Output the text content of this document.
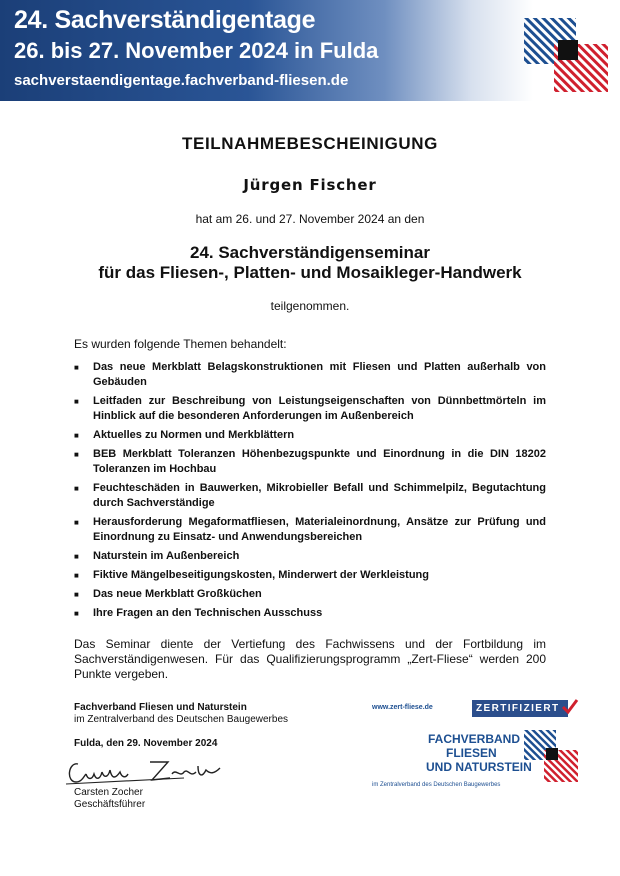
24. Sachverständigentage
26. bis 27. November 2024 in Fulda
sachverstaendigentage.fachverband-fliesen.de
TEILNAHMEBESCHEINIGUNG
Jürgen Fischer
hat am 26. und 27. November 2024 an den
24. Sachverständigenseminar
für das Fliesen-, Platten- und Mosaikleger-Handwerk
teilgenommen.
Es wurden folgende Themen behandelt:
■ Das neue Merkblatt Belagskonstruktionen mit Fliesen und Platten außerhalb von Gebäuden
■ Leitfaden zur Beschreibung von Leistungseigenschaften von Dünnbettmörteln im Hinblick auf die besonderen Anforderungen im Außenbereich
■ Aktuelles zu Normen und Merkblättern
■ BEB Merkblatt Toleranzen Höhenbezugspunkte und Einordnung in die DIN 18202 Toleranzen im Hochbau
■ Feuchteschäden in Bauwerken, Mikrobieller Befall und Schimmelpilz, Begutachtung durch Sachverständige
■ Herausforderung Megaformatfliesen, Materialeinordnung, Ansätze zur Prüfung und Einordnung zu Einsatz- und Anwendungsbereichen
■ Naturstein im Außenbereich
■ Fiktive Mängelbeseitigungskosten, Minderwert der Werkleistung
■ Das neue Merkblatt Großküchen
■ Ihre Fragen an den Technischen Ausschuss
Das Seminar diente der Vertiefung des Fachwissens und der Fortbildung im Sachverständigenwesen. Für das Qualifizierungsprogramm „Zert-Fliese“ werden 200 Punkte vergeben.
Fachverband Fliesen und Naturstein
im Zentralverband des Deutschen Baugewerbes
Fulda, den 29. November 2024
Carsten Zocher
Geschäftsführer
www.zert-fliese.de	ZERTIFIZIERT
FACHVERBAND
FLIESEN
UND NATURSTEIN
im Zentralverband des Deutschen Baugewerbes
